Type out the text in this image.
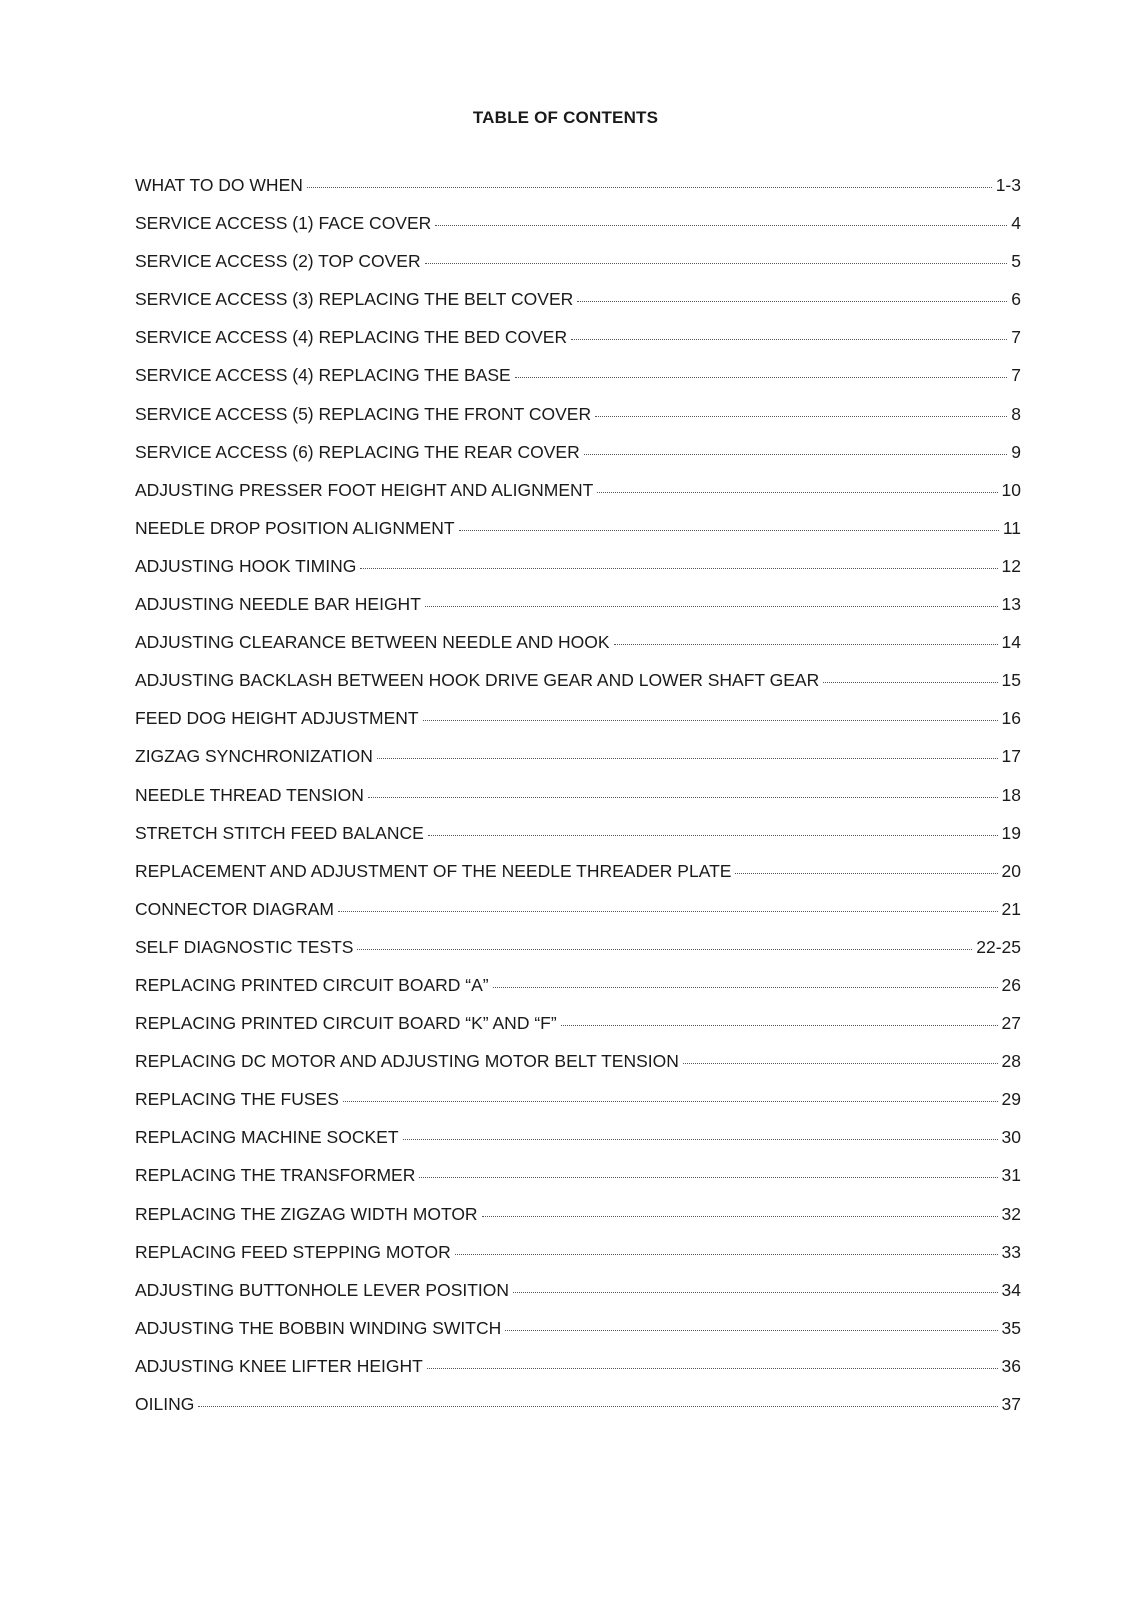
TABLE OF CONTENTS
WHAT TO DO WHEN	1-3
SERVICE ACCESS (1) FACE COVER	4
SERVICE ACCESS (2) TOP COVER	5
SERVICE ACCESS (3) REPLACING THE BELT COVER	6
SERVICE ACCESS (4) REPLACING THE BED COVER	7
SERVICE ACCESS (4) REPLACING THE BASE	7
SERVICE ACCESS (5) REPLACING THE FRONT COVER	8
SERVICE ACCESS (6) REPLACING THE REAR COVER	9
ADJUSTING PRESSER FOOT HEIGHT AND ALIGNMENT	10
NEEDLE DROP POSITION ALIGNMENT	11
ADJUSTING HOOK TIMING	12
ADJUSTING NEEDLE BAR HEIGHT	13
ADJUSTING CLEARANCE BETWEEN NEEDLE AND HOOK	14
ADJUSTING BACKLASH BETWEEN HOOK DRIVE GEAR AND LOWER SHAFT GEAR	15
FEED DOG HEIGHT ADJUSTMENT	16
ZIGZAG SYNCHRONIZATION	17
NEEDLE THREAD TENSION	18
STRETCH STITCH FEED BALANCE	19
REPLACEMENT AND ADJUSTMENT OF THE NEEDLE THREADER PLATE	20
CONNECTOR DIAGRAM	21
SELF DIAGNOSTIC TESTS	22-25
REPLACING PRINTED CIRCUIT BOARD “A”	26
REPLACING PRINTED CIRCUIT BOARD “K” AND “F”	27
REPLACING DC MOTOR AND ADJUSTING MOTOR BELT TENSION	28
REPLACING THE FUSES	29
REPLACING MACHINE SOCKET	30
REPLACING THE TRANSFORMER	31
REPLACING THE ZIGZAG WIDTH MOTOR	32
REPLACING FEED STEPPING MOTOR	33
ADJUSTING BUTTONHOLE LEVER POSITION	34
ADJUSTING THE BOBBIN WINDING SWITCH	35
ADJUSTING KNEE LIFTER HEIGHT	36
OILING	37
